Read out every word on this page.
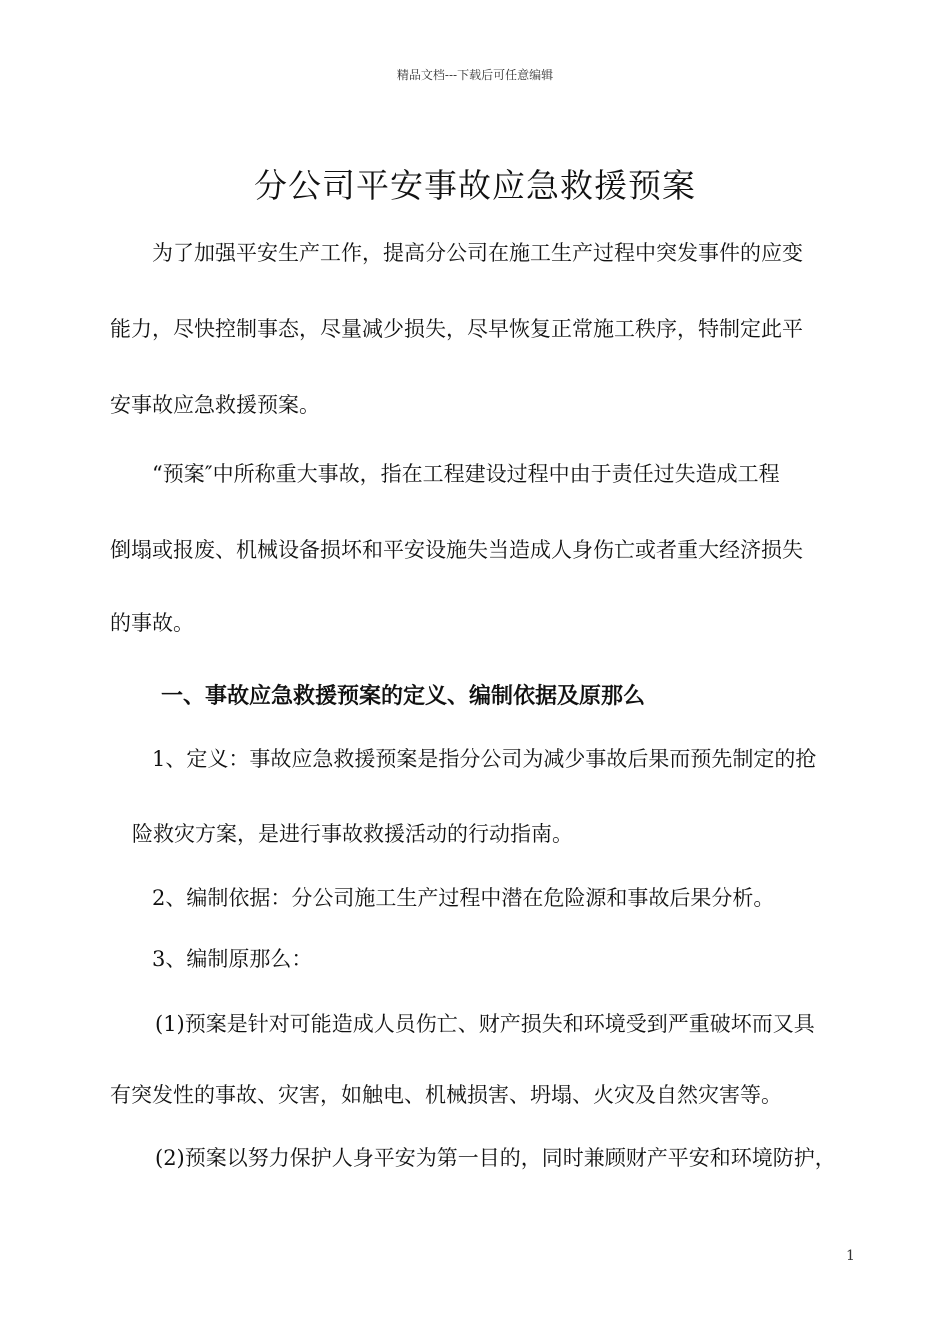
精品文档---下载后可任意编辑
分公司平安事故应急救援预案
为了加强平安生产工作，提高分公司在施工生产过程中突发事件的应变
能力，尽快控制事态，尽量减少损失，尽早恢复正常施工秩序，特制定此平
安事故应急救援预案。
“预案″中所称重大事故，指在工程建设过程中由于责任过失造成工程
倒塌或报废、机械设备损坏和平安设施失当造成人身伤亡或者重大经济损失
的事故。
一、事故应急救援预案的定义、编制依据及原那么
1、定义：事故应急救援预案是指分公司为减少事故后果而预先制定的抢
险救灾方案，是进行事故救援活动的行动指南。
2、编制依据：分公司施工生产过程中潜在危险源和事故后果分析。
3、编制原那么：
(1)预案是针对可能造成人员伤亡、财产损失和环境受到严重破坏而又具
有突发性的事故、灾害，如触电、机械损害、坍塌、火灾及自然灾害等。
(2)预案以努力保护人身平安为第一目的，同时兼顾财产平安和环境防护，
1
